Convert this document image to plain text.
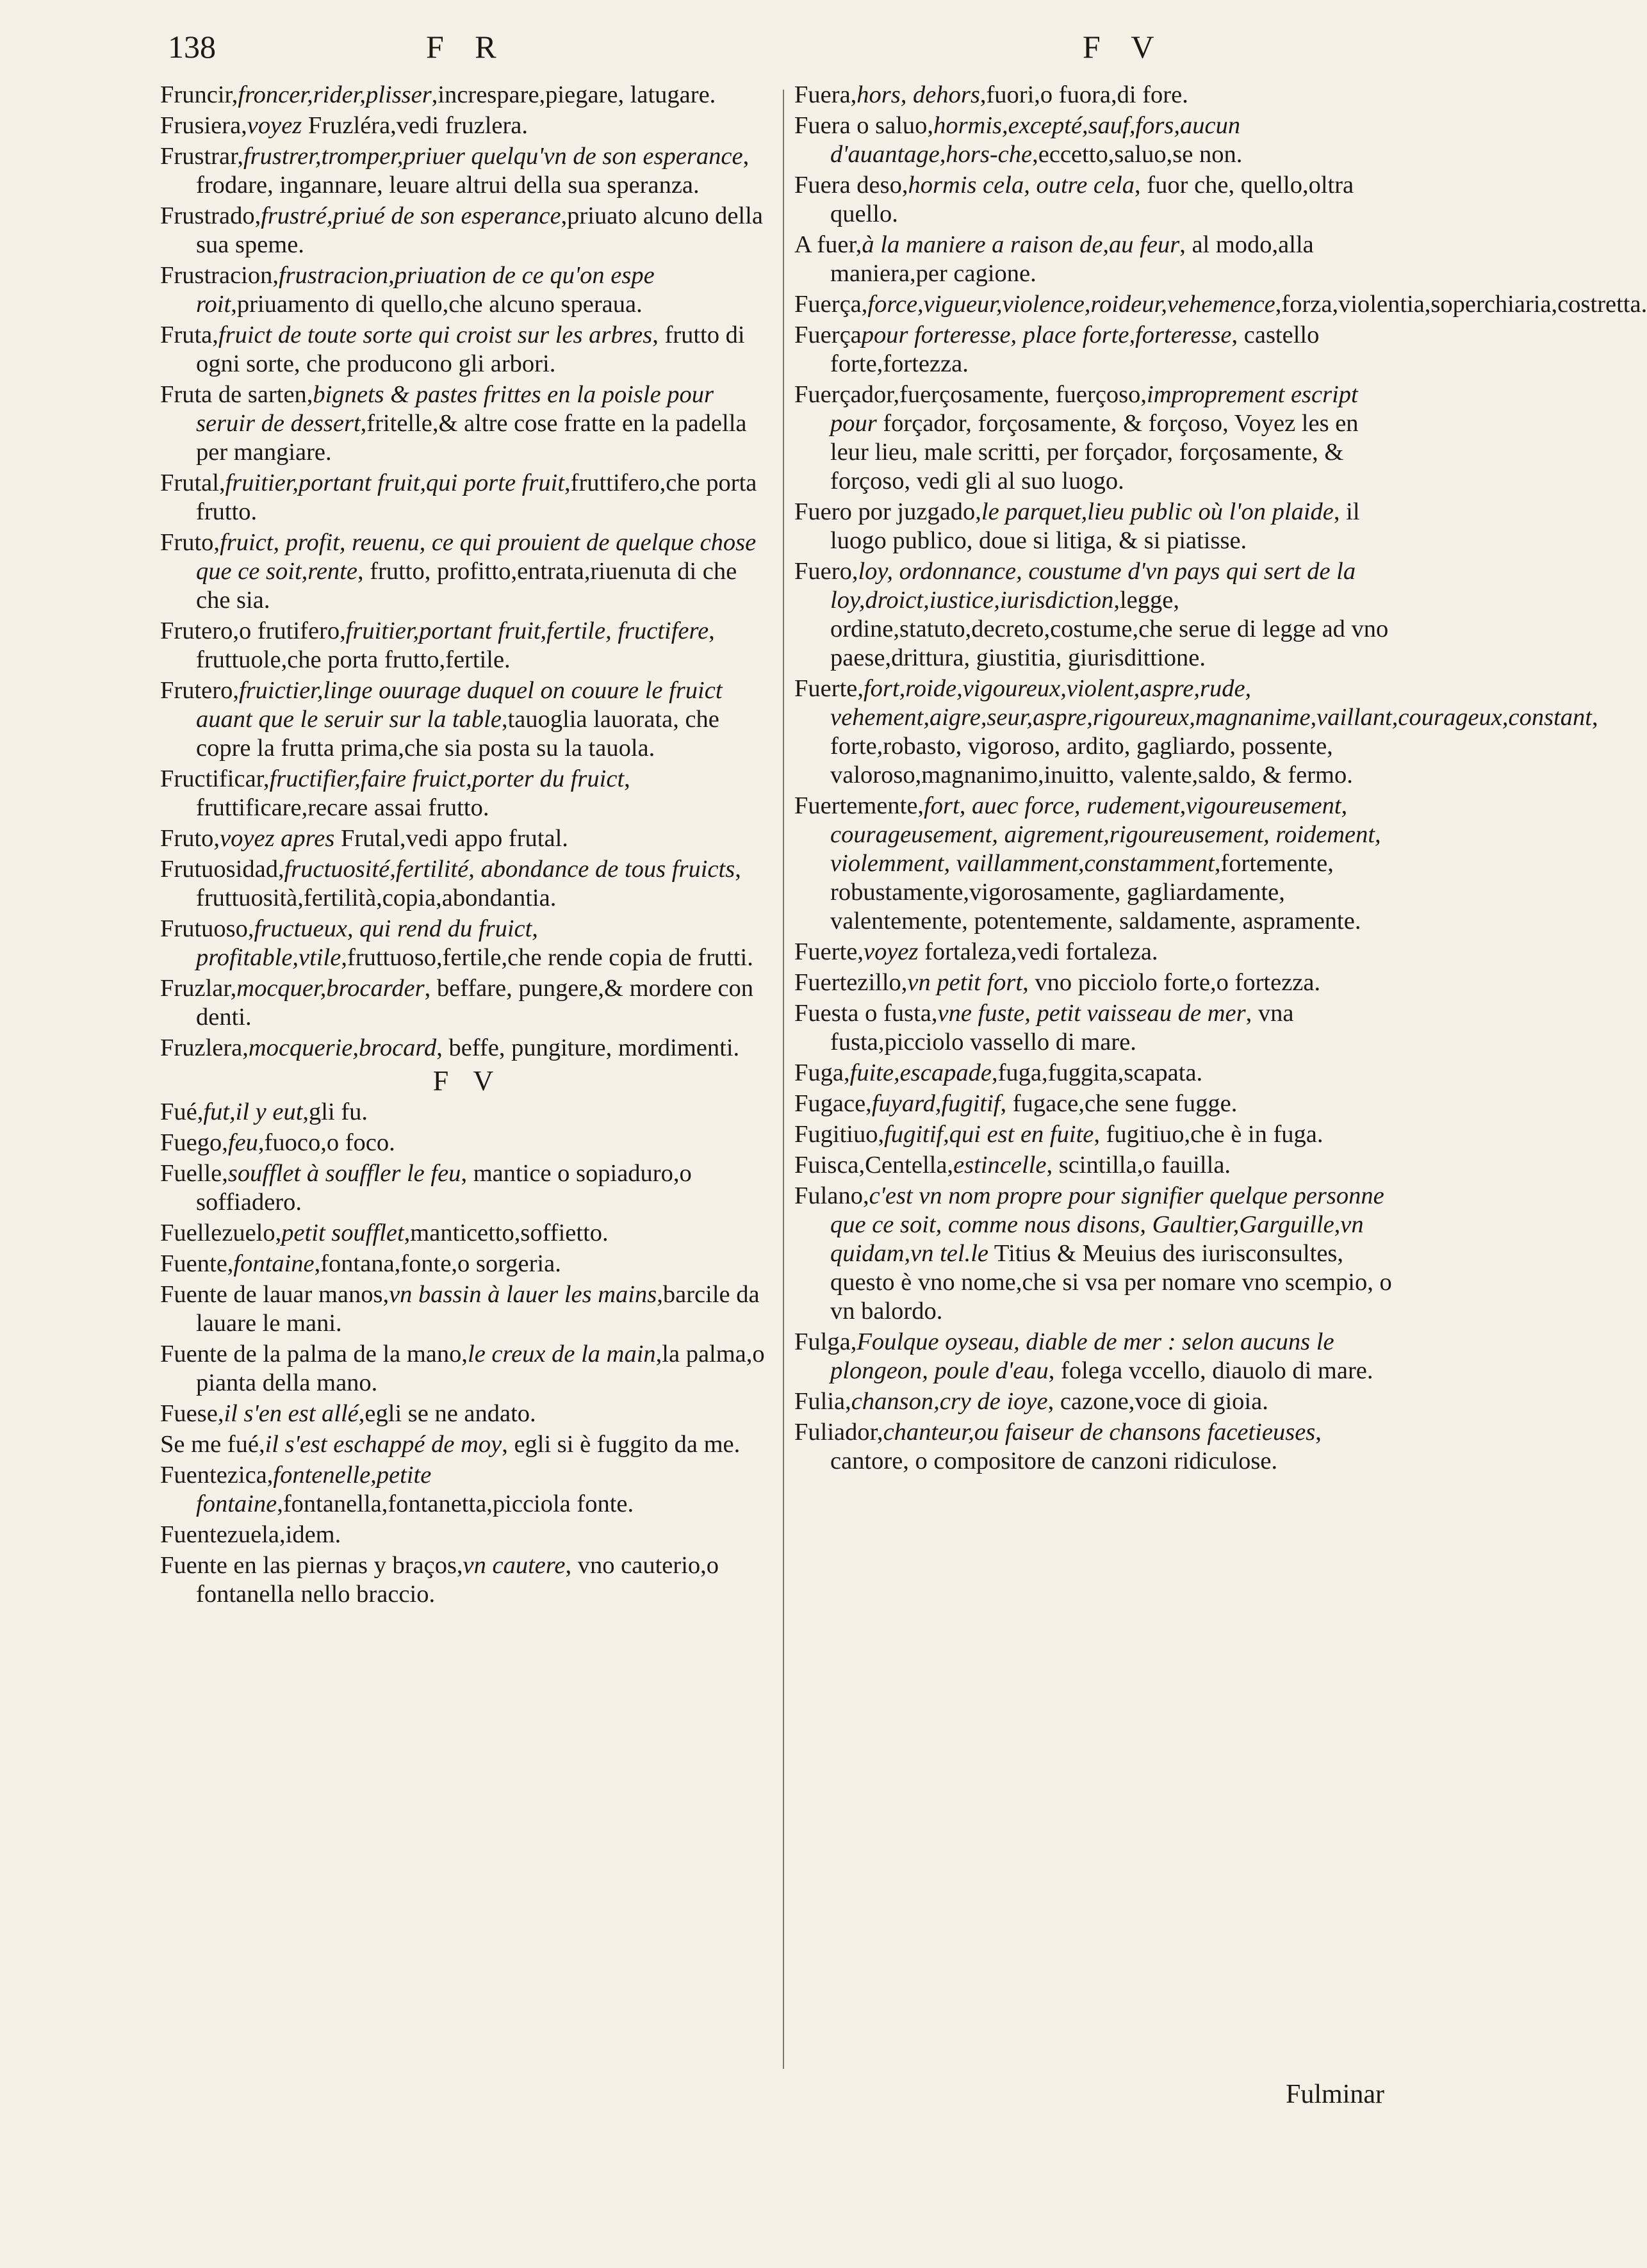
138	F R	F V
Fruncir,froncer,rider,plisser,increspare,piegare, latugare.
Frusiera,voyez Fruzléra,vedi fruzlera.
Frustrar,frustrer,tromper,priuer quelqu'vn de son esperance, frodare, ingannare, leuare altrui della sua speranza.
Frustrado,frustré,priué de son esperance,priuato alcuno della sua speme.
Frustracion,frustracion,priuation de ce qu'on espe roit,priuamento di quello,che alcuno speraua.
Fruta,fruict de toute sorte qui croist sur les arbres, frutto di ogni sorte, che producono gli arbori.
Fruta de sarten,bignets & pastes frittes en la poisle pour seruir de dessert,fritelle,& altre cose fratte en la padella per mangiare.
Frutal,fruitier,portant fruit,qui porte fruit,fruttifero,che porta frutto.
Fruto,fruict, profit, reuenu, ce qui prouient de quelque chose que ce soit,rente, frutto, profitto,entrata,riuenuta di che che sia.
Frutero,o frutifero,fruitier,portant fruit,fertile, fructifere, fruttuole,che porta frutto,fertile.
Frutero,fruictier,linge ouurage duquel on couure le fruict auant que le seruir sur la table,tauoglia lauorata, che copre la frutta prima,che sia posta su la tauola.
Fructificar,fructifier,faire fruict,porter du fruict, fruttificare,recare assai frutto.
Fruto,voyez apres Frutal,vedi appo frutal.
Frutuosidad,fructuosité,fertilité, abondance de tous fruicts, fruttuosità,fertilità,copia,abondantia.
Frutuoso,fructueux, qui rend du fruict, profitable,vtile,fruttuoso,fertile,che rende copia de frutti.
Fruzlar,mocquer,brocarder, beffare, pungere,& mordere con denti.
Fruzlera,mocquerie,brocard, beffe, pungiture, mordimenti.
F V
Fué,fut,il y eut,gli fu.
Fuego,feu,fuoco,o foco.
Fuelle,soufflet à souffler le feu, mantice o sopiaduro,o soffiadero.
Fuellezuelo,petit soufflet,manticetto,soffietto.
Fuente,fontaine,fontana,fonte,o sorgeria.
Fuente de lauar manos,vn bassin à lauer les mains,barcile da lauare le mani.
Fuente de la palma de la mano,le creux de la main,la palma,o pianta della mano.
Fuese,il s'en est allé,egli se ne andato.
Se me fué,il s'est eschappé de moy, egli si è fuggito da me.
Fuentezica,fontenelle,petite fontaine,fontanella,fontanetta,picciola fonte.
Fuentezuela,idem.
Fuente en las piernas y braços,vn cautere, vno cauterio,o fontanella nello braccio.
Fuera,hors, dehors,fuori,o fuora,di fore.
Fuera o saluo,hormis,excepté,sauf,fors,aucun d'auantage,hors-che,eccetto,saluo,se non.
Fuera deso,hormis cela, outre cela, fuor che, quello,oltra quello.
A fuer,à la maniere a raison de,au feur, al modo,alla maniera,per cagione.
Fuerça,force,vigueur,violence,roideur,vehemence,forza,violentia,soperchiaria,costretta.
Fuerçapour forteresse, place forte,forteresse, castello forte,fortezza.
Fuerçador,fuerçosamente, fuerçoso,improprement escript pour forçador, forçosamente, & forçoso, Voyez les en leur lieu, male scritti, per forçador, forçosamente, & forçoso, vedi gli al suo luogo.
Fuero por juzgado,le parquet,lieu public où l'on plaide, il luogo publico, doue si litiga, & si piatisse.
Fuero,loy, ordonnance, coustume d'vn pays qui sert de la loy,droict,iustice,iurisdiction,legge, ordine,statuto,decreto,costume,che serue di legge ad vno paese,drittura, giustitia, giurisdittione.
Fuerte,fort,roide,vigoureux,violent,aspre,rude, vehement,aigre,seur,aspre,rigoureux,magnanime,vaillant,courageux,constant, forte,robasto, vigoroso, ardito, gagliardo, possente, valoroso,magnanimo,inuitto, valente,saldo, & fermo.
Fuertemente,fort, auec force, rudement,vigoureusement, courageusement, aigrement,rigoureusement, roidement, violemment, vaillamment,constamment,fortemente, robustamente,vigorosamente, gagliardamente, valentemente, potentemente, saldamente, aspramente.
Fuerte,voyez fortaleza,vedi fortaleza.
Fuertezillo,vn petit fort, vno picciolo forte,o fortezza.
Fuesta o fusta,vne fuste, petit vaisseau de mer, vna fusta,picciolo vassello di mare.
Fuga,fuite,escapade,fuga,fuggita,scapata.
Fugace,fuyard,fugitif, fugace,che sene fugge.
Fugitiuo,fugitif,qui est en fuite, fugitiuo,che è in fuga.
Fuisca,Centella,estincelle, scintilla,o fauilla.
Fulano,c'est vn nom propre pour signifier quelque personne que ce soit, comme nous disons, Gaultier,Garguille,vn quidam,vn tel.le Titius & Meuius des iurisconsultes, questo è vno nome,che si vsa per nomare vno scempio, o vn balordo.
Fulga,Foulque oyseau, diable de mer : selon aucuns le plongeon, poule d'eau, folega vccello, diauolo di mare.
Fulia,chanson,cry de ioye, cazone,voce di gioia.
Fuliador,chanteur,ou faiseur de chansons facetieuses, cantore, o compositore de canzoni ridiculose.
Fulminar
